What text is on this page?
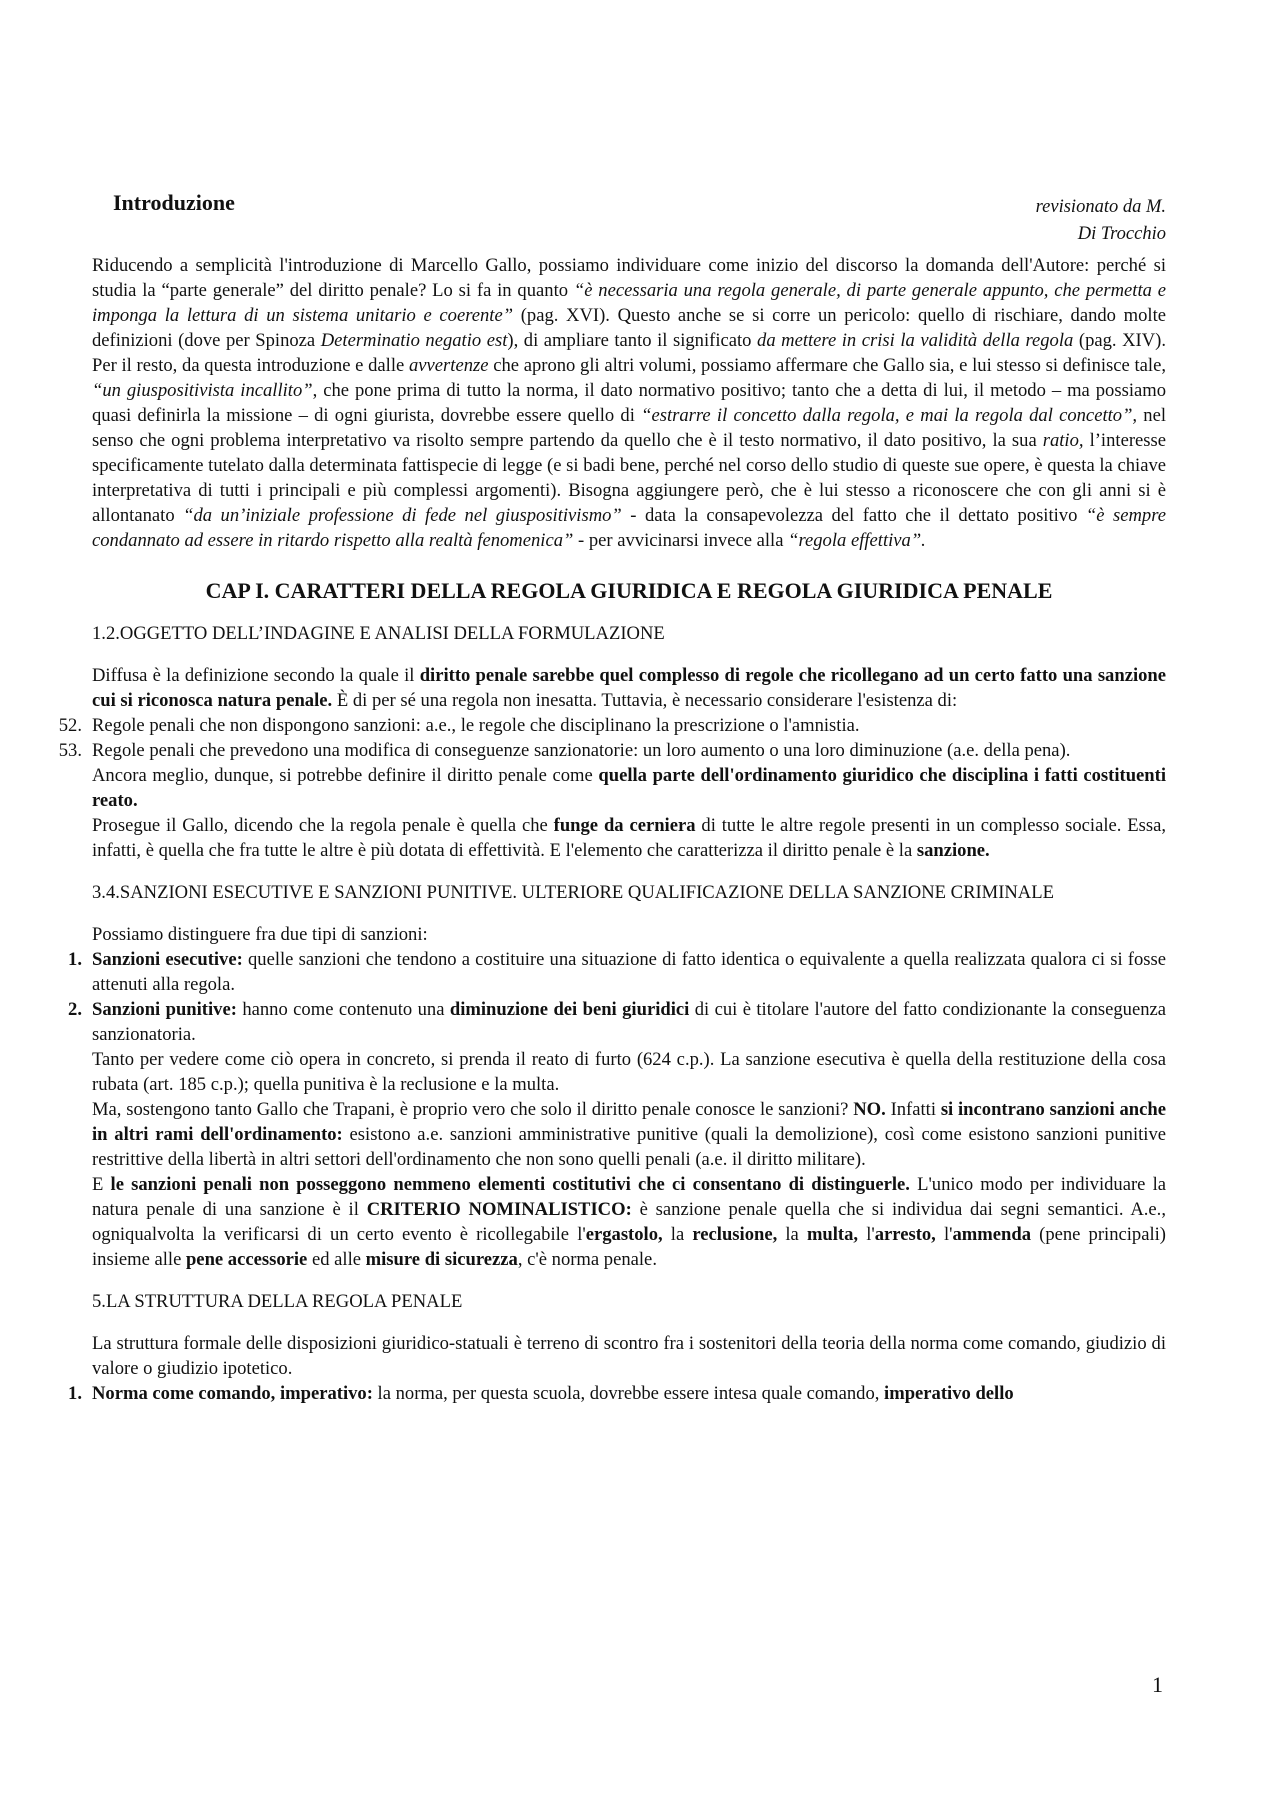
Introduzione	revisionato da M.
Di Trocchio

Riducendo a semplicità l'introduzione di Marcello Gallo, possiamo individuare come inizio del discorso la domanda dell'Autore: perché si studia la “parte generale” del diritto penale? Lo si fa in quanto “è necessaria una regola generale, di parte generale appunto, che permetta e imponga la lettura di un sistema unitario e coerente” (pag. XVI). Questo anche se si corre un pericolo: quello di rischiare, dando molte definizioni (dove per Spinoza Determinatio negatio est), di ampliare tanto il significato da mettere in crisi la validità della regola (pag. XIV). Per il resto, da questa introduzione e dalle avvertenze che aprono gli altri volumi, possiamo affermare che Gallo sia, e lui stesso si definisce tale, “un giuspositivista incallito”, che pone prima di tutto la norma, il dato normativo positivo; tanto che a detta di lui, il metodo – ma possiamo quasi definirla la missione – di ogni giurista, dovrebbe essere quello di “estrarre il concetto dalla regola, e mai la regola dal concetto”, nel senso che ogni problema interpretativo va risolto sempre partendo da quello che è il testo normativo, il dato positivo, la sua ratio, l’interesse specificamente tutelato dalla determinata fattispecie di legge (e si badi bene, perché nel corso dello studio di queste sue opere, è questa la chiave interpretativa di tutti i principali e più complessi argomenti). Bisogna aggiungere però, che è lui stesso a riconoscere che con gli anni si è allontanato “da un’iniziale professione di fede nel giuspositivismo” - data la consapevolezza del fatto che il dettato positivo “è sempre condannato ad essere in ritardo rispetto alla realtà fenomenica” - per avvicinarsi invece alla “regola effettiva”.

CAP I. CARATTERI DELLA REGOLA GIURIDICA E REGOLA GIURIDICA PENALE

1.2.OGGETTO DELL’INDAGINE E ANALISI DELLA FORMULAZIONE

Diffusa è la definizione secondo la quale il diritto penale sarebbe quel complesso di regole che ricollegano ad un certo fatto una sanzione cui si riconosca natura penale. È di per sé una regola non inesatta. Tuttavia, è necessario considerare l'esistenza di:

52. Regole penali che non dispongono sanzioni: a.e., le regole che disciplinano la prescrizione o l'amnistia.

53. Regole penali che prevedono una modifica di conseguenze sanzionatorie: un loro aumento o una loro diminuzione (a.e. della pena).

Ancora meglio, dunque, si potrebbe definire il diritto penale come quella parte dell'ordinamento giuridico che disciplina i fatti costituenti reato.

Prosegue il Gallo, dicendo che la regola penale è quella che funge da cerniera di tutte le altre regole presenti in un complesso sociale. Essa, infatti, è quella che fra tutte le altre è più dotata di effettività. E l'elemento che caratterizza il diritto penale è la sanzione.

3.4.SANZIONI ESECUTIVE E SANZIONI PUNITIVE. ULTERIORE QUALIFICAZIONE DELLA SANZIONE CRIMINALE

Possiamo distinguere fra due tipi di sanzioni:

1. Sanzioni esecutive: quelle sanzioni che tendono a costituire una situazione di fatto identica o equivalente a quella realizzata qualora ci si fosse attenuti alla regola.

2. Sanzioni punitive: hanno come contenuto una diminuzione dei beni giuridici di cui è titolare l'autore del fatto condizionante la conseguenza sanzionatoria.

Tanto per vedere come ciò opera in concreto, si prenda il reato di furto (624 c.p.). La sanzione esecutiva è quella della restituzione della cosa rubata (art. 185 c.p.); quella punitiva è la reclusione e la multa.

Ma, sostengono tanto Gallo che Trapani, è proprio vero che solo il diritto penale conosce le sanzioni? NO. Infatti si incontrano sanzioni anche in altri rami dell'ordinamento: esistono a.e. sanzioni amministrative punitive (quali la demolizione), così come esistono sanzioni punitive restrittive della libertà in altri settori dell'ordinamento che non sono quelli penali (a.e. il diritto militare).

E le sanzioni penali non posseggono nemmeno elementi costitutivi che ci consentano di distinguerle. L'unico modo per individuare la natura penale di una sanzione è il CRITERIO NOMINALISTICO: è sanzione penale quella che si individua dai segni semantici. A.e., ogniqualvolta la verificarsi di un certo evento è ricollegabile l'ergastolo, la reclusione, la multa, l'arresto, l'ammenda (pene principali) insieme alle pene accessorie ed alle misure di sicurezza, c'è norma penale.

5.LA STRUTTURA DELLA REGOLA PENALE

La struttura formale delle disposizioni giuridico-statuali è terreno di scontro fra i sostenitori della teoria della norma come comando, giudizio di valore o giudizio ipotetico.

1. Norma come comando, imperativo: la norma, per questa scuola, dovrebbe essere intesa quale comando, imperativo dello

1
